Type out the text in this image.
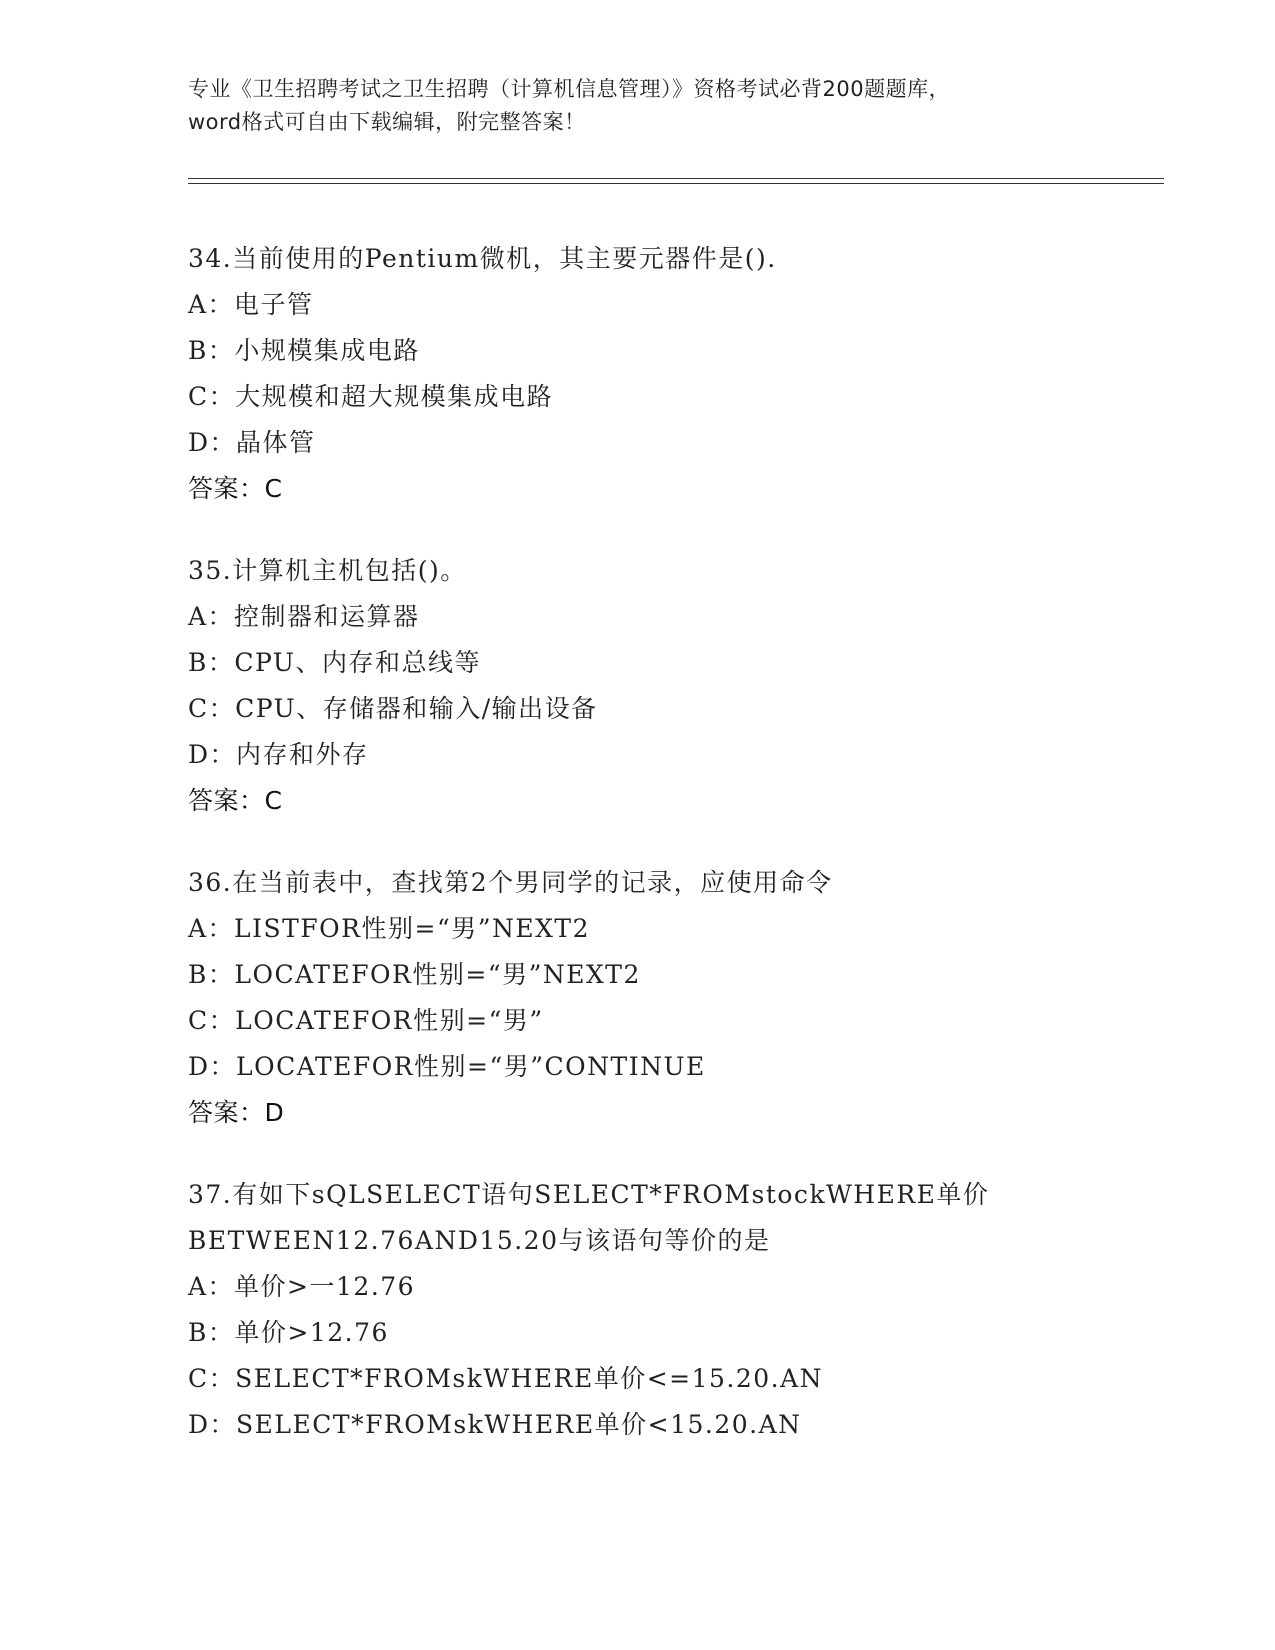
专业《卫生招聘考试之卫生招聘（计算机信息管理）》资格考试必背200题题库，
word格式可自由下载编辑，附完整答案！
34.当前使用的Pentium微机，其主要元器件是().
A：电子管
B：小规模集成电路
C：大规模和超大规模集成电路
D：晶体管
答案：C
35.计算机主机包括()。
A：控制器和运算器
B：CPU、内存和总线等
C：CPU、存储器和输入/输出设备
D：内存和外存
答案：C
36.在当前表中，查找第2个男同学的记录，应使用命令
A：LISTFOR性别=“男”NEXT2
B：LOCATEFOR性别=“男”NEXT2
C：LOCATEFOR性别=“男”
D：LOCATEFOR性别=“男”CONTINUE
答案：D
37.有如下sQLSELECT语句SELECT*FROMstockWHERE单价
BETWEEN12.76AND15.20与该语句等价的是
A：单价>一12.76
B：单价>12.76
C：SELECT*FROMskWHERE单价<=15.20.AN
D：SELECT*FROMskWHERE单价<15.20.AN
